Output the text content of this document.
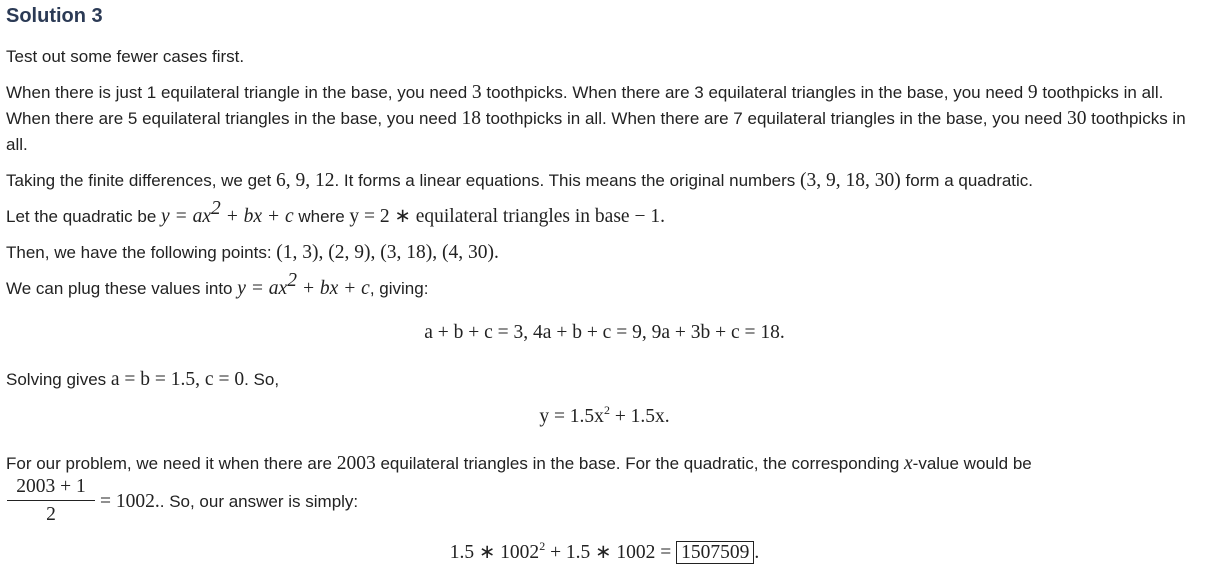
Solution 3

Test out some fewer cases first.

When there is just 1 equilateral triangle in the base, you need 3 toothpicks. When there are 3 equilateral triangles in the base, you need 9 toothpicks in all. When there are 5 equilateral triangles in the base, you need 18 toothpicks in all. When there are 7 equilateral triangles in the base, you need 30 toothpicks in all.

Taking the finite differences, we get 6, 9, 12. It forms a linear equations. This means the original numbers (3, 9, 18, 30) form a quadratic.

Let the quadratic be $y = ax^2$ + bx + c where y = 2 ∗ equilateral triangles in base − 1.

Then, we have the following points: (1, 3), (2, 9), (3, 18), (4, 30).

We can plug these values into $y = ax^2$ + bx + c, giving:

a + b + c = 3, 4a + b + c = 9, 9a + 3b + c = 18.

Solving gives a = b = 1.5, c = 0. So,

$y = 1.5x^2 + 1.5x$.

For our problem, we need it when there are 2003 equilateral triangles in the base. For the quadratic, the corresponding x-value would be

$\frac{2003 + 1}{2} = 1002$.. So, our answer is simply:

1.5 ∗ $1002^2 + 1.5$ ∗ 1002 = 1507509 .
